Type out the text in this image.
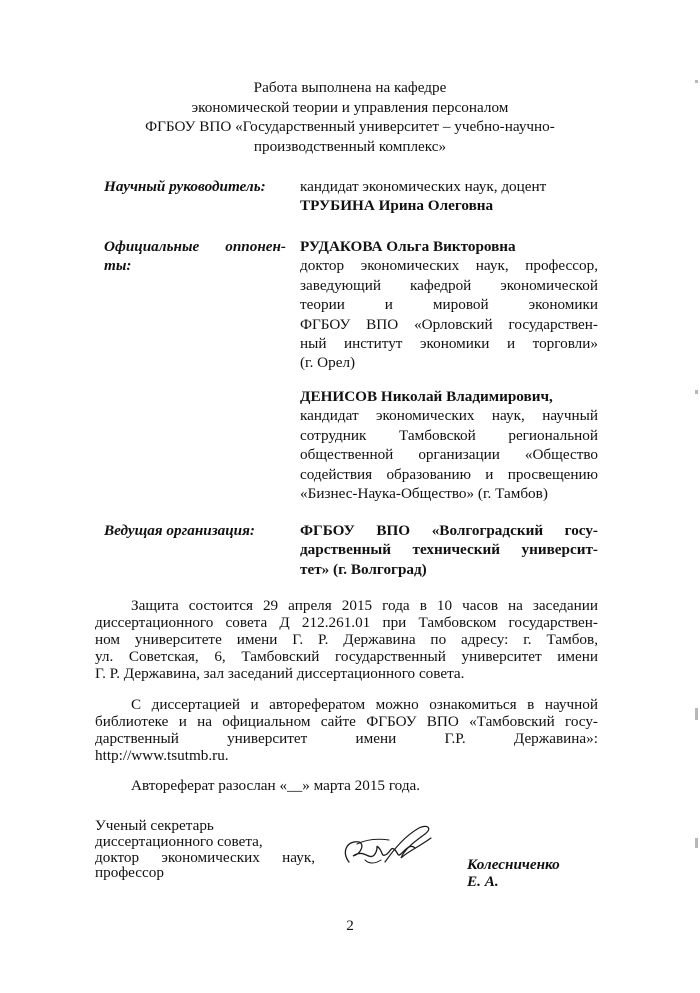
Работа выполнена на кафедре
экономической теории и управления персоналом
ФГБОУ ВПО «Государственный университет – учебно-научно-
производственный комплекс»
Научный руководитель: кандидат экономических наук, доцент
ТРУБИНА Ирина Олеговна
Официальные оппонен-
ты:
РУДАКОВА Ольга Викторовна
доктор экономических наук, профессор,
заведующий кафедрой экономической
теории и мировой экономики
ФГБОУ ВПО «Орловский государствен-
ный институт экономики и торговли»
(г. Орел)
ДЕНИСОВ Николай Владимирович,
кандидат экономических наук, научный
сотрудник Тамбовской региональной
общественной организации «Общество
содействия образованию и просвещению
«Бизнес-Наука-Общество» (г. Тамбов)
Ведущая организация:	ФГБОУ ВПО «Волгоградский госу-
дарственный технический университ-
тет» (г. Волгоград)
Защита состоится 29 апреля 2015 года в 10 часов на заседании
диссертационного совета Д 212.261.01 при Тамбовском государствен-
ном университете имени Г. Р. Державина по адресу: г. Тамбов,
ул. Советская, 6, Тамбовский государственный университет имени
Г. Р. Державина, зал заседаний диссертационного совета.
С диссертацией и авторефератом можно ознакомиться в научной
библиотеке и на официальном сайте ФГБОУ ВПО «Тамбовский госу-
дарственный университет имени Г.Р. Державина»:
http://www.tsutmb.ru.
Автореферат разослан «__» марта 2015 года.
Ученый секретарь
диссертационного совета,
доктор экономических наук,
профессор	Колесниченко
Е. А.
2
